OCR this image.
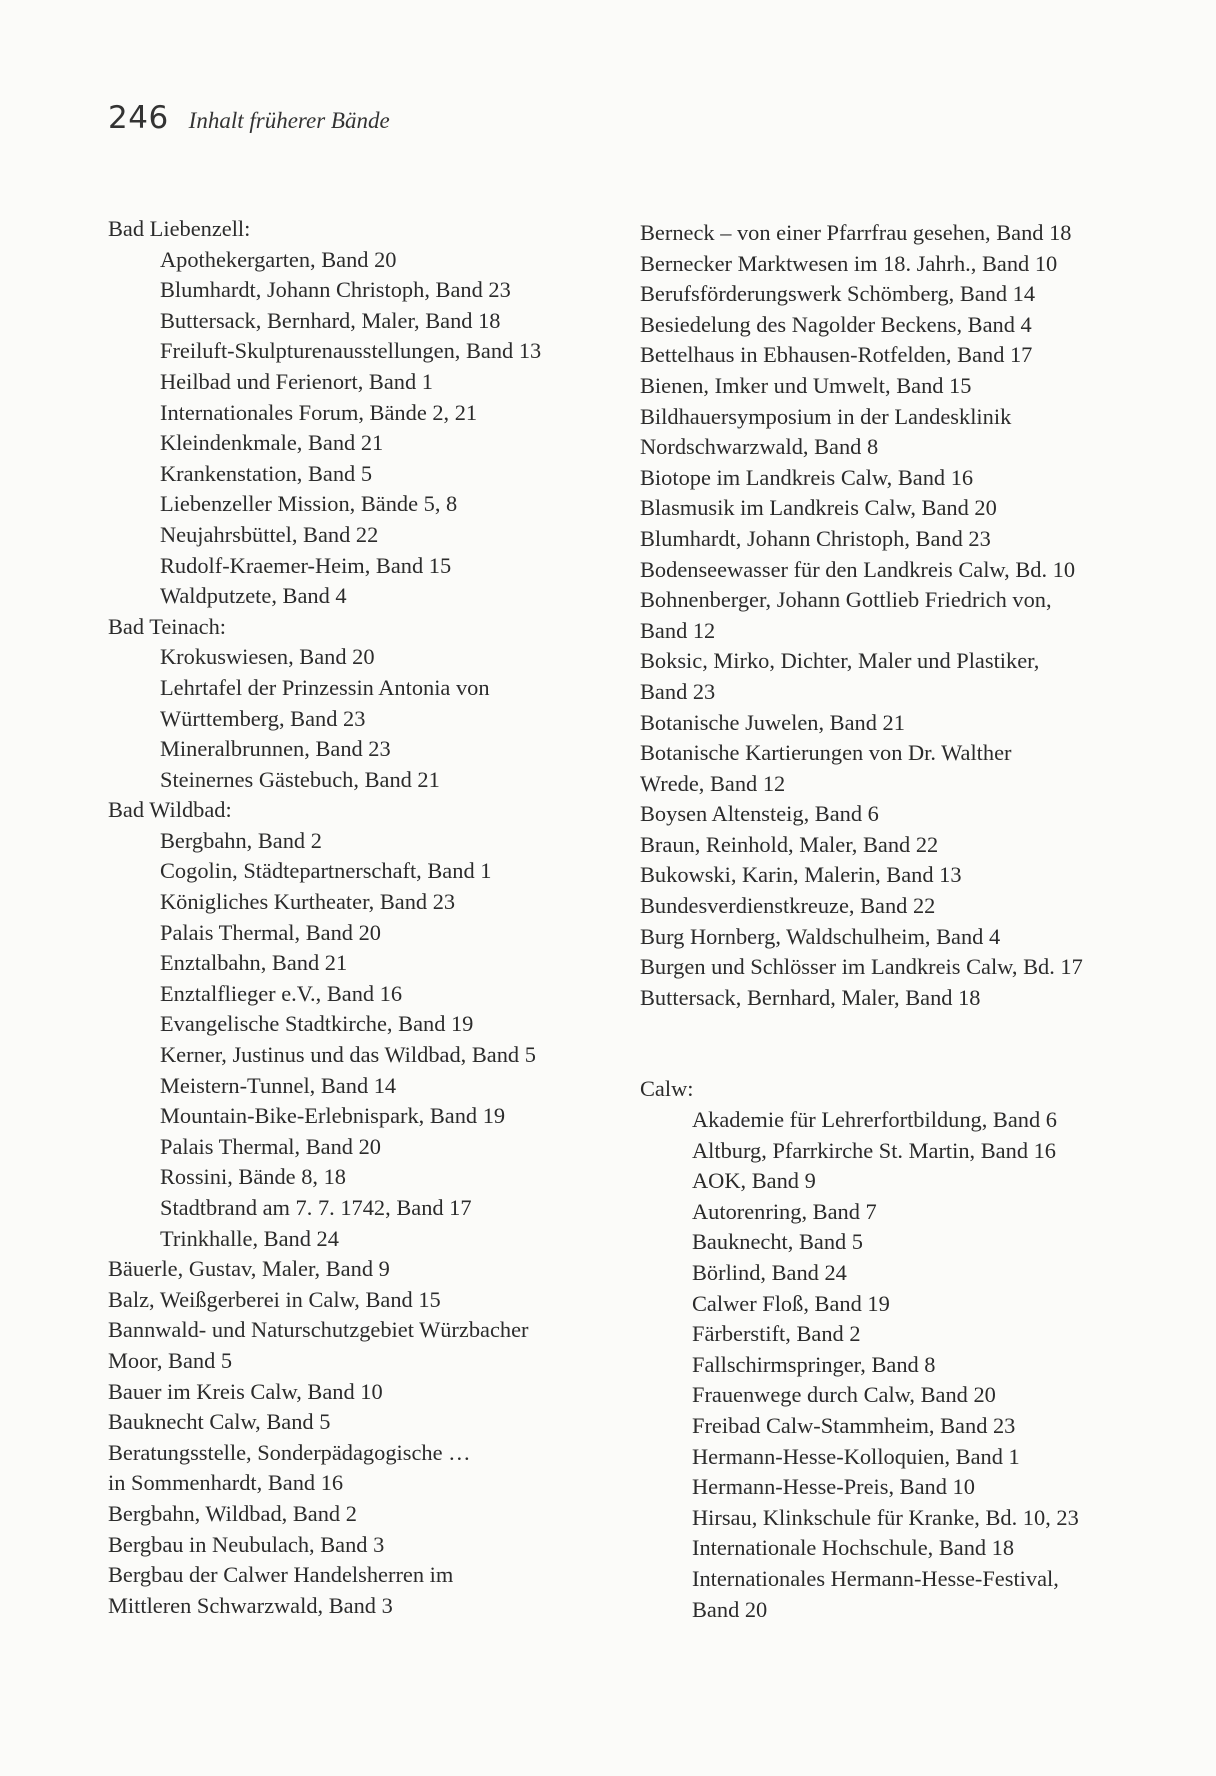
246 Inhalt früherer Bände
Bad Liebenzell:
Apothekergarten, Band 20
Blumhardt, Johann Christoph, Band 23
Buttersack, Bernhard, Maler, Band 18
Freiluft-Skulpturenausstellungen, Band 13
Heilbad und Ferienort, Band 1
Internationales Forum, Bände 2, 21
Kleindenkmale, Band 21
Krankenstation, Band 5
Liebenzeller Mission, Bände 5, 8
Neujahrsbüttel, Band 22
Rudolf-Kraemer-Heim, Band 15
Waldputzete, Band 4
Bad Teinach:
Krokuswiesen, Band 20
Lehrtafel der Prinzessin Antonia von
Württemberg, Band 23
Mineralbrunnen, Band 23
Steinernes Gästebuch, Band 21
Bad Wildbad:
Bergbahn, Band 2
Cogolin, Städtepartnerschaft, Band 1
Königliches Kurtheater, Band 23
Palais Thermal, Band 20
Enztalbahn, Band 21
Enztalflieger e.V., Band 16
Evangelische Stadtkirche, Band 19
Kerner, Justinus und das Wildbad, Band 5
Meistern-Tunnel, Band 14
Mountain-Bike-Erlebnispark, Band 19
Palais Thermal, Band 20
Rossini, Bände 8, 18
Stadtbrand am 7. 7. 1742, Band 17
Trinkhalle, Band 24
Bäuerle, Gustav, Maler, Band 9
Balz, Weißgerberei in Calw, Band 15
Bannwald- und Naturschutzgebiet Würzbacher
Moor, Band 5
Bauer im Kreis Calw, Band 10
Bauknecht Calw, Band 5
Beratungsstelle, Sonderpädagogische …
in Sommenhardt, Band 16
Bergbahn, Wildbad, Band 2
Bergbau in Neubulach, Band 3
Bergbau der Calwer Handelsherren im
Mittleren Schwarzwald, Band 3
Berneck – von einer Pfarrfrau gesehen, Band 18
Bernecker Marktwesen im 18. Jahrh., Band 10
Berufsförderungswerk Schömberg, Band 14
Besiedelung des Nagolder Beckens, Band 4
Bettelhaus in Ebhausen-Rotfelden, Band 17
Bienen, Imker und Umwelt, Band 15
Bildhauersymposium in der Landesklinik
Nordschwarzwald, Band 8
Biotope im Landkreis Calw, Band 16
Blasmusik im Landkreis Calw, Band 20
Blumhardt, Johann Christoph, Band 23
Bodenseewasser für den Landkreis Calw, Bd. 10
Bohnenberger, Johann Gottlieb Friedrich von,
Band 12
Boksic, Mirko, Dichter, Maler und Plastiker,
Band 23
Botanische Juwelen, Band 21
Botanische Kartierungen von Dr. Walther
Wrede, Band 12
Boysen Altensteig, Band 6
Braun, Reinhold, Maler, Band 22
Bukowski, Karin, Malerin, Band 13
Bundesverdienstkreuze, Band 22
Burg Hornberg, Waldschulheim, Band 4
Burgen und Schlösser im Landkreis Calw, Bd. 17
Buttersack, Bernhard, Maler, Band 18
Calw:
Akademie für Lehrerfortbildung, Band 6
Altburg, Pfarrkirche St. Martin, Band 16
AOK, Band 9
Autorenring, Band 7
Bauknecht, Band 5
Börlind, Band 24
Calwer Floß, Band 19
Färberstift, Band 2
Fallschirmspringer, Band 8
Frauenwege durch Calw, Band 20
Freibad Calw-Stammheim, Band 23
Hermann-Hesse-Kolloquien, Band 1
Hermann-Hesse-Preis, Band 10
Hirsau, Klinkschule für Kranke, Bd. 10, 23
Internationale Hochschule, Band 18
Internationales Hermann-Hesse-Festival,
Band 20
